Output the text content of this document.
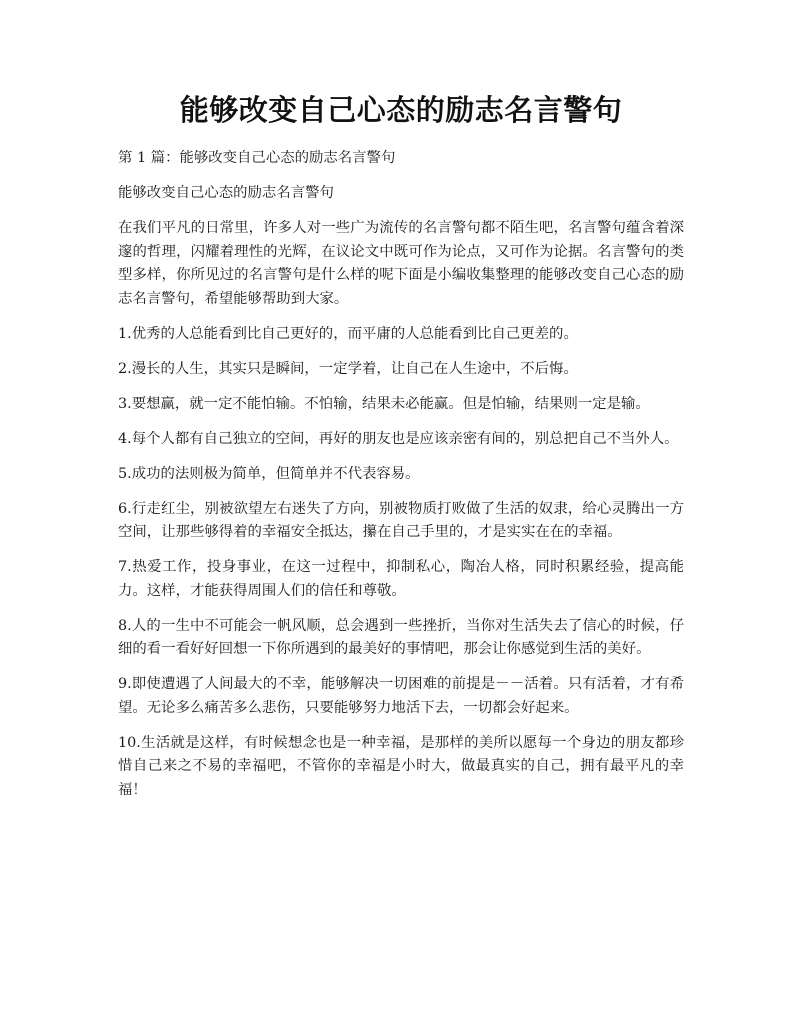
能够改变自己心态的励志名言警句

第 1 篇：能够改变自己心态的励志名言警句

能够改变自己心态的励志名言警句

在我们平凡的日常里，许多人对一些广为流传的名言警句都不陌生吧，名言警句蕴含着深邃的哲理，闪耀着理性的光辉，在议论文中既可作为论点，又可作为论据。名言警句的类型多样，你所见过的名言警句是什么样的呢下面是小编收集整理的能够改变自己心态的励志名言警句，希望能够帮助到大家。

1.优秀的人总能看到比自己更好的，而平庸的人总能看到比自己更差的。

2.漫长的人生，其实只是瞬间，一定学着，让自己在人生途中，不后悔。

3.要想赢，就一定不能怕输。不怕输，结果未必能赢。但是怕输，结果则一定是输。

4.每个人都有自己独立的空间，再好的朋友也是应该亲密有间的，别总把自己不当外人。

5.成功的法则极为简单，但简单并不代表容易。

6.行走红尘，别被欲望左右迷失了方向，别被物质打败做了生活的奴隶，给心灵腾出一方空间，让那些够得着的幸福安全抵达，攥在自己手里的，才是实实在在的幸福。

7.热爱工作，投身事业，在这一过程中，抑制私心，陶冶人格，同时积累经验，提高能力。这样，才能获得周围人们的信任和尊敬。

8.人的一生中不可能会一帆风顺，总会遇到一些挫折，当你对生活失去了信心的时候，仔细的看一看好好回想一下你所遇到的最美好的事情吧，那会让你感觉到生活的美好。

9.即使遭遇了人间最大的不幸，能够解决一切困难的前提是－－活着。只有活着，才有希望。无论多么痛苦多么悲伤，只要能够努力地活下去，一切都会好起来。

10.生活就是这样，有时候想念也是一种幸福，是那样的美所以愿每一个身边的朋友都珍惜自己来之不易的幸福吧，不管你的幸福是小时大，做最真实的自己，拥有最平凡的幸福！
